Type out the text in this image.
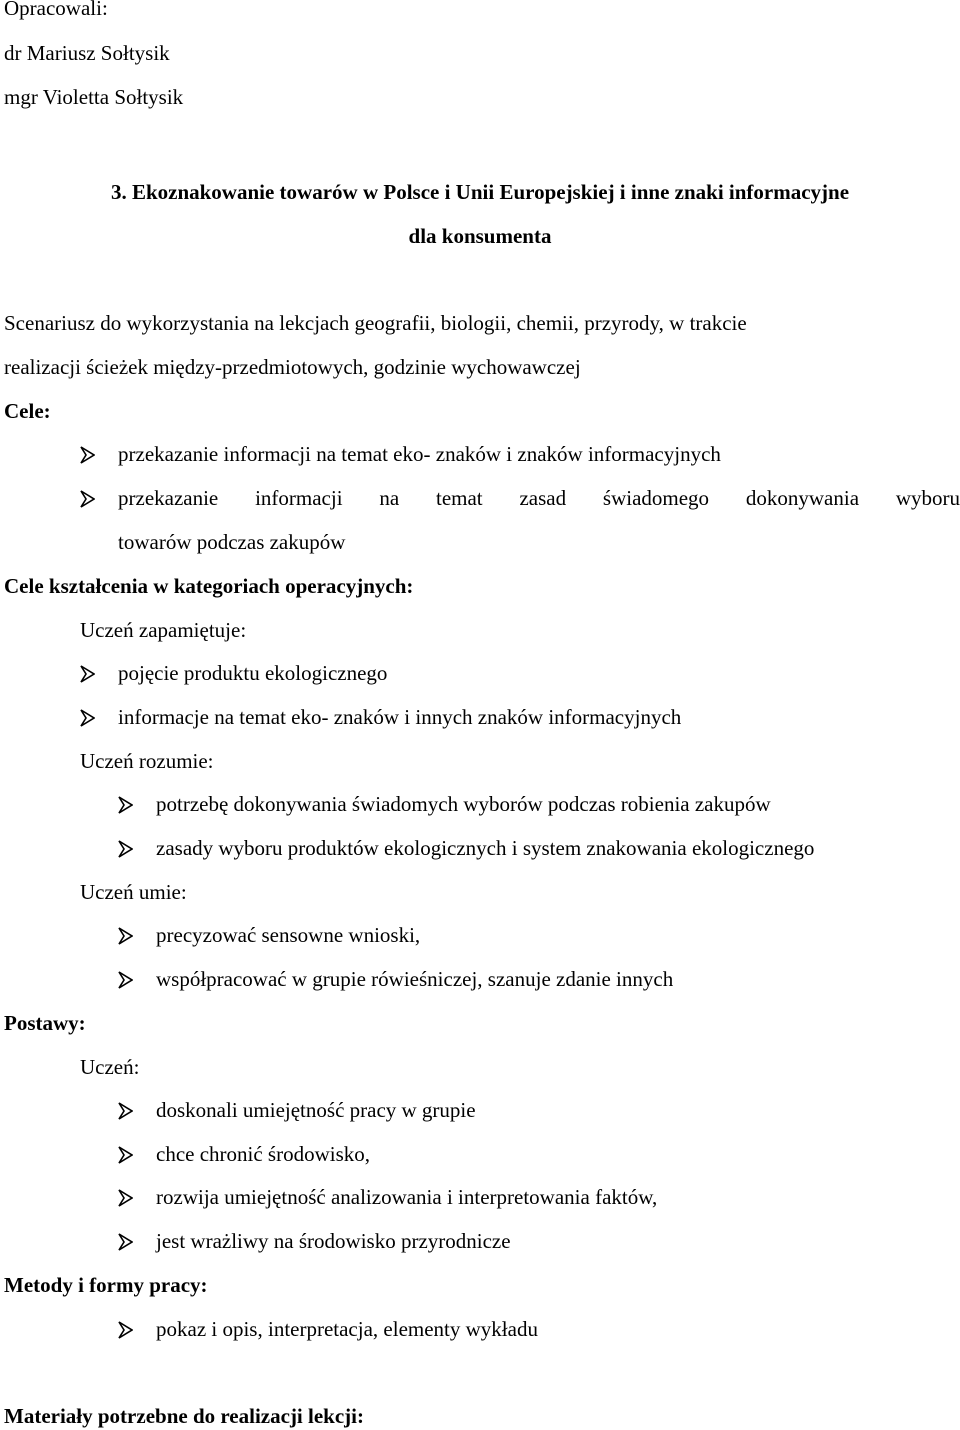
Opracowali:
dr Mariusz Sołtysik
mgr Violetta Sołtysik
3. Ekoznakowanie towarów w Polsce i Unii Europejskiej i inne znaki informacyjne
dla konsumenta
Scenariusz do wykorzystania na lekcjach geografii, biologii, chemii, przyrody, w trakcie
realizacji ścieżek między-przedmiotowych, godzinie wychowawczej
Cele:
przekazanie informacji na temat eko- znaków i znaków informacyjnych
przekazanie informacji na temat zasad świadomego dokonywania wyboru
towarów podczas zakupów
Cele kształcenia w kategoriach operacyjnych:
Uczeń zapamiętuje:
pojęcie produktu ekologicznego
informacje na temat eko- znaków i innych znaków informacyjnych
Uczeń rozumie:
potrzebę dokonywania świadomych wyborów podczas robienia zakupów
zasady wyboru produktów ekologicznych i system znakowania ekologicznego
Uczeń umie:
precyzować sensowne wnioski,
współpracować w grupie rówieśniczej, szanuje zdanie innych
Postawy:
Uczeń:
doskonali umiejętność pracy w grupie
chce chronić środowisko,
rozwija umiejętność analizowania i interpretowania faktów,
jest wrażliwy na środowisko przyrodnicze
Metody i formy pracy:
pokaz i opis, interpretacja, elementy wykładu
Materiały potrzebne do realizacji lekcji:
